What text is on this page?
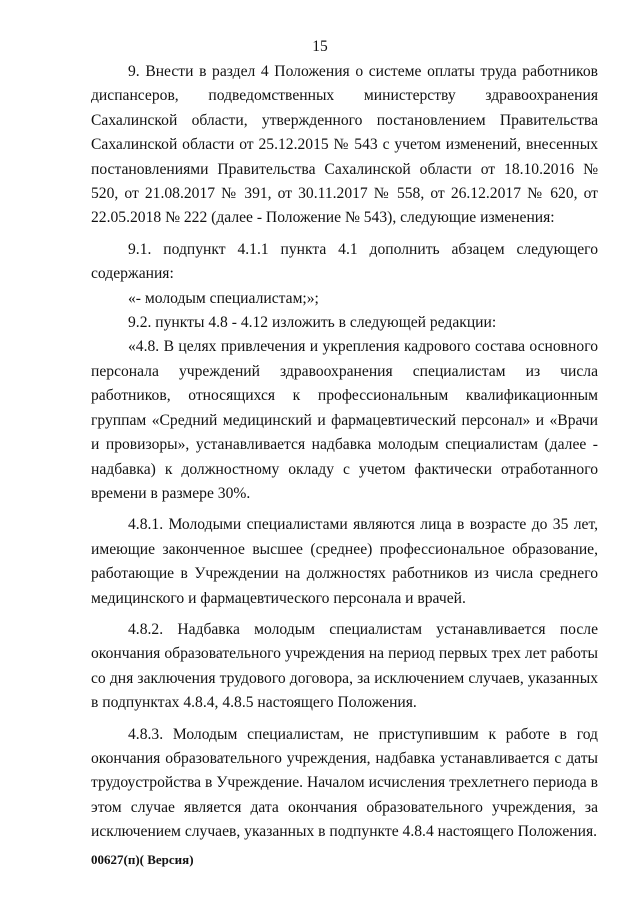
15

9. Внести в раздел 4 Положения о системе оплаты труда работников диспансеров, подведомственных министерству здравоохранения Сахалинской области, утвержденного постановлением Правительства Сахалинской области от 25.12.2015 № 543 с учетом изменений, внесенных постановлениями Правительства Сахалинской области от 18.10.2016 № 520, от 21.08.2017 № 391, от 30.11.2017 № 558, от 26.12.2017 № 620, от 22.05.2018 № 222 (далее - Положение № 543), следующие изменения:

9.1. подпункт 4.1.1 пункта 4.1 дополнить абзацем следующего содержания:

«- молодым специалистам;»;

9.2. пункты 4.8 - 4.12 изложить в следующей редакции:

«4.8. В целях привлечения и укрепления кадрового состава основного персонала учреждений здравоохранения специалистам из числа работников, относящихся к профессиональным квалификационным группам «Средний медицинский и фармацевтический персонал» и «Врачи и провизоры», устанавливается надбавка молодым специалистам (далее - надбавка) к должностному окладу с учетом фактически отработанного времени в размере 30%.

4.8.1. Молодыми специалистами являются лица в возрасте до 35 лет, имеющие законченное высшее (среднее) профессиональное образование, работающие в Учреждении на должностях работников из числа среднего медицинского и фармацевтического персонала и врачей.

4.8.2. Надбавка молодым специалистам устанавливается после окончания образовательного учреждения на период первых трех лет работы со дня заключения трудового договора, за исключением случаев, указанных в подпунктах 4.8.4, 4.8.5 настоящего Положения.

4.8.3. Молодым специалистам, не приступившим к работе в год окончания образовательного учреждения, надбавка устанавливается с даты трудоустройства в Учреждение. Началом исчисления трехлетнего периода в этом случае является дата окончания образовательного учреждения, за исключением случаев, указанных в подпункте 4.8.4 настоящего Положения.

00627(п)( Версия)
